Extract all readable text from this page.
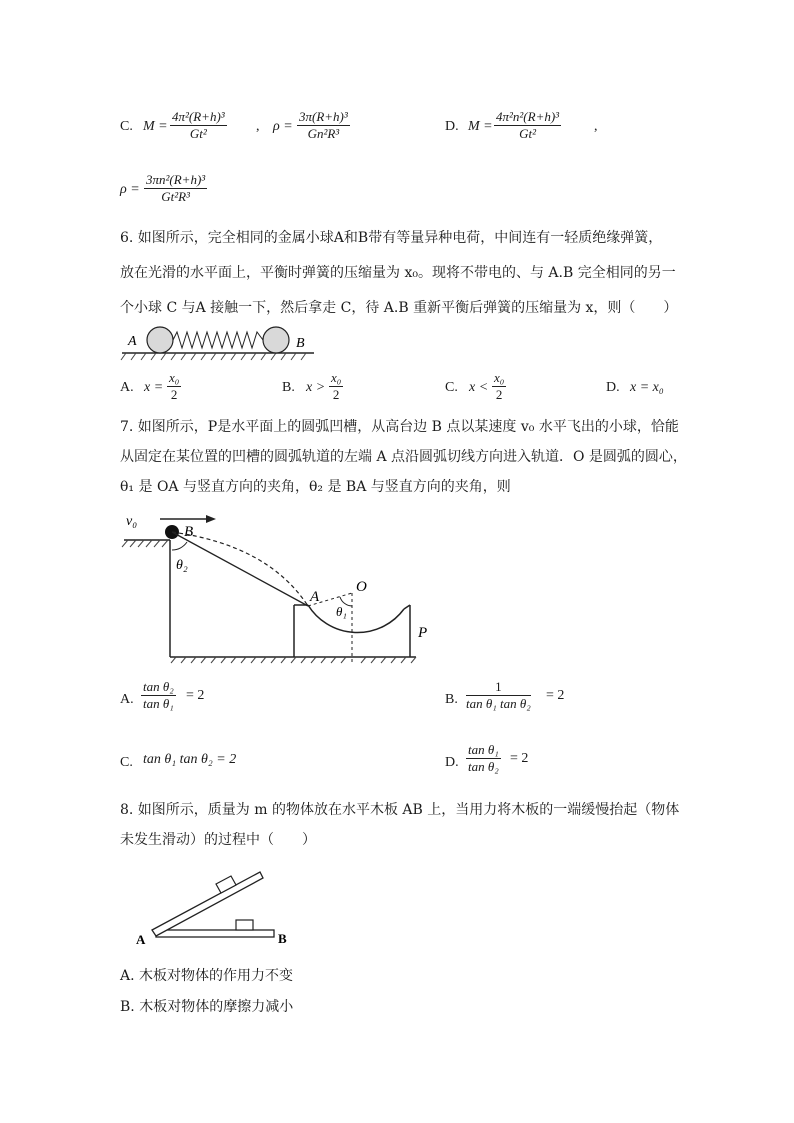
C. $M = \frac{\text{4π²(R+h)³}}{\text{Gt²}}$ , $\rho = \frac{\text{3π(R+h)³}}{\text{Gn²R³}}$	D. $M = \frac{\text{4π²n²(R+h)³}}{\text{Gt²}}$ ,
$\rho = \frac{\text{3πn²(R+h)³}}{\text{Gt²R³}}$
6. 如图所示，完全相同的金属小球A和B带有等量异种电荷，中间连有一轻质绝缘弹簧，
放在光滑的水平面上，平衡时弹簧的压缩量为 x₀。现将不带电的、与 A.B 完全相同的另一
个小球 C 与A 接触一下，然后拿走 C，待 A.B 重新平衡后弹簧的压缩量为 x，则（　　）
A	B
A. $x = \frac{\text{x₀}}{2}$	B. $x > \frac{\text{x₀}}{2}$	C. $x < \frac{\text{x₀}}{2}$	D. x = x₀
7. 如图所示，P是水平面上的圆弧凹槽，从高台边 B 点以某速度 v₀ 水平飞出的小球，恰能
从固定在某位置的凹槽的圆弧轨道的左端 A 点沿圆弧切线方向进入轨道．O 是圆弧的圆心，
θ₁ 是 OA 与竖直方向的夹角，θ₂ 是 BA 与竖直方向的夹角，则
v₀
B
θ₂
A
O
θ₁
P
A. $\frac{\text{tan θ₂}}{\text{tan θ₁}} = 2$	B. $\frac{1}{\text{tan θ₁ tan θ₂}} = 2$
C. tan θ₁ tan θ₂ = 2	D. $\frac{\text{tan θ₁}}{\text{tan θ₂}} = 2$
8. 如图所示，质量为 m 的物体放在水平木板 AB 上，当用力将木板的一端缓慢抬起（物体
未发生滑动）的过程中（　　）
A	B
A. 木板对物体的作用力不变
B. 木板对物体的摩擦力减小
